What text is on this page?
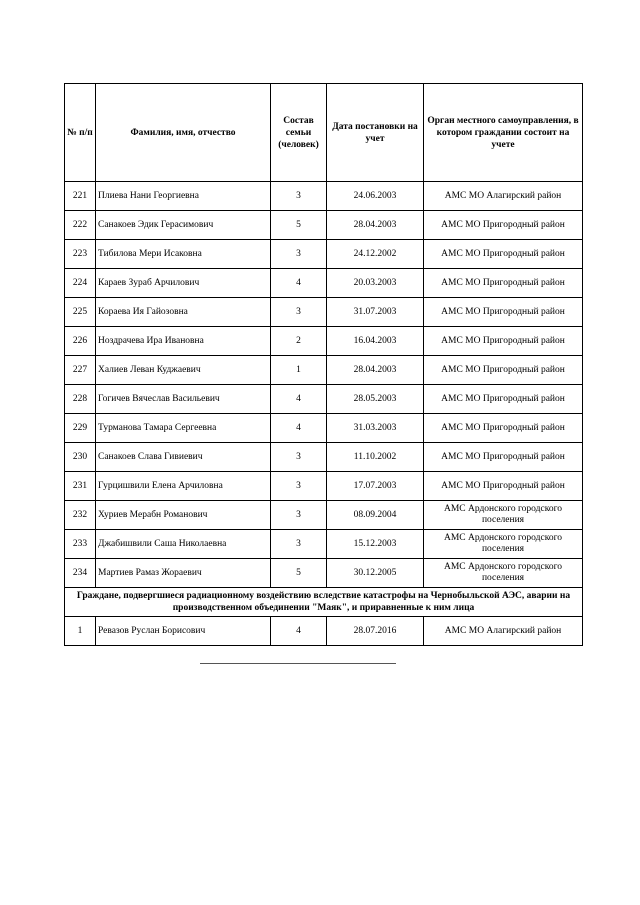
№ п/п	Фамилия, имя, отчество	Состав семьи (человек)	Дата постановки на учет	Орган местного самоуправления, в котором граждании состоит на учете
221	Плиева Нани Георгиевна	3	24.06.2003	АМС МО Алагирский район
222	Санакоев Эдик Герасимович	5	28.04.2003	АМС МО Пригородный район
223	Тибилова Мери Исаковна	3	24.12.2002	АМС МО Пригородный район
224	Караев Зураб Арчилович	4	20.03.2003	АМС МО Пригородный район
225	Кораева Ия Гайозовна	3	31.07.2003	АМС МО Пригородный район
226	Ноздрачева Ира Ивановна	2	16.04.2003	АМС МО Пригородный район
227	Халиев Леван Куджаевич	1	28.04.2003	АМС МО Пригородный район
228	Гогичев Вячеслав Васильевич	4	28.05.2003	АМС МО Пригородный район
229	Турманова Тамара Сергеевна	4	31.03.2003	АМС МО Пригородный район
230	Санакоев Слава Гивиевич	3	11.10.2002	АМС МО Пригородный район
231	Гурцишвили Елена Арчиловна	3	17.07.2003	АМС МО Пригородный район
232	Хуриев Мерабн Романович	3	08.09.2004	АМС Ардонского городского поселения
233	Джабишвили Саша Николаевна	3	15.12.2003	АМС Ардонского городского поселения
234	Мартиев Рамаз Жораевич	5	30.12.2005	АМС Ардонского городского поселения
Граждане, подвергшиеся радиационному воздействию вследствие катастрофы на Чернобыльской АЭС, аварии на производственном объединении "Маяк", и приравненные к ним лица				
1	Ревазов Руслан Борисович	4	28.07.2016	АМС МО Алагирский район
